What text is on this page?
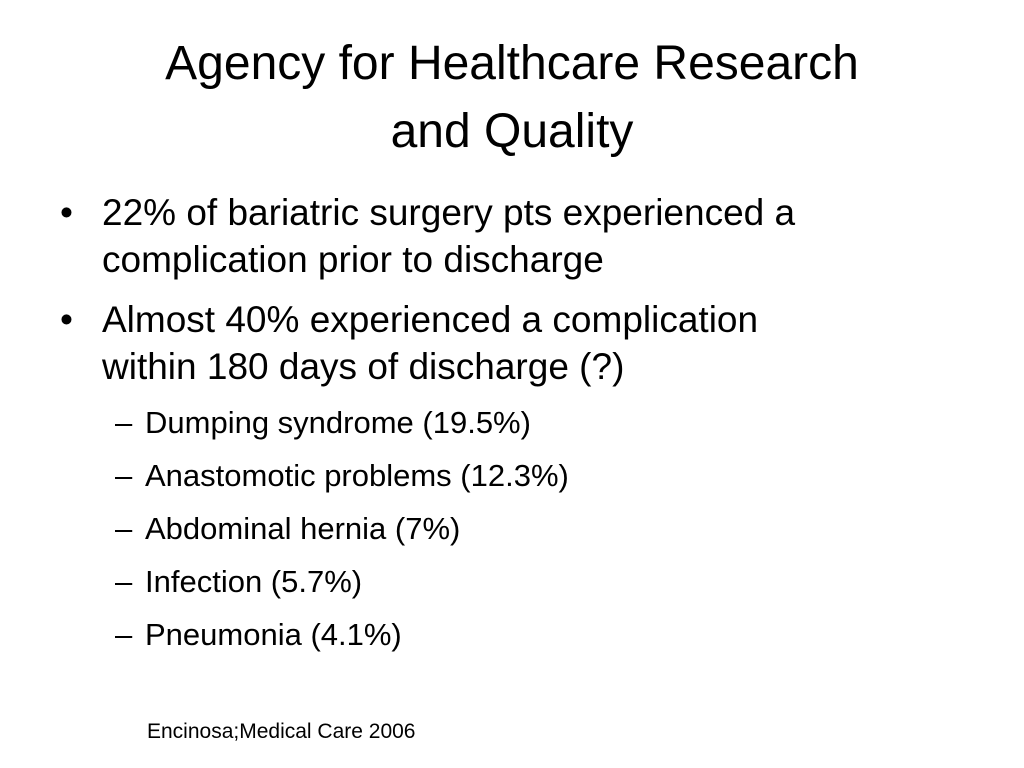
Agency for Healthcare Research
and Quality
• 22% of bariatric surgery pts experienced a
complication prior to discharge
• Almost 40% experienced a complication
within 180 days of discharge (?)
– Dumping syndrome (19.5%)
– Anastomotic problems (12.3%)
– Abdominal hernia (7%)
– Infection (5.7%)
– Pneumonia (4.1%)
Encinosa;Medical Care 2006
